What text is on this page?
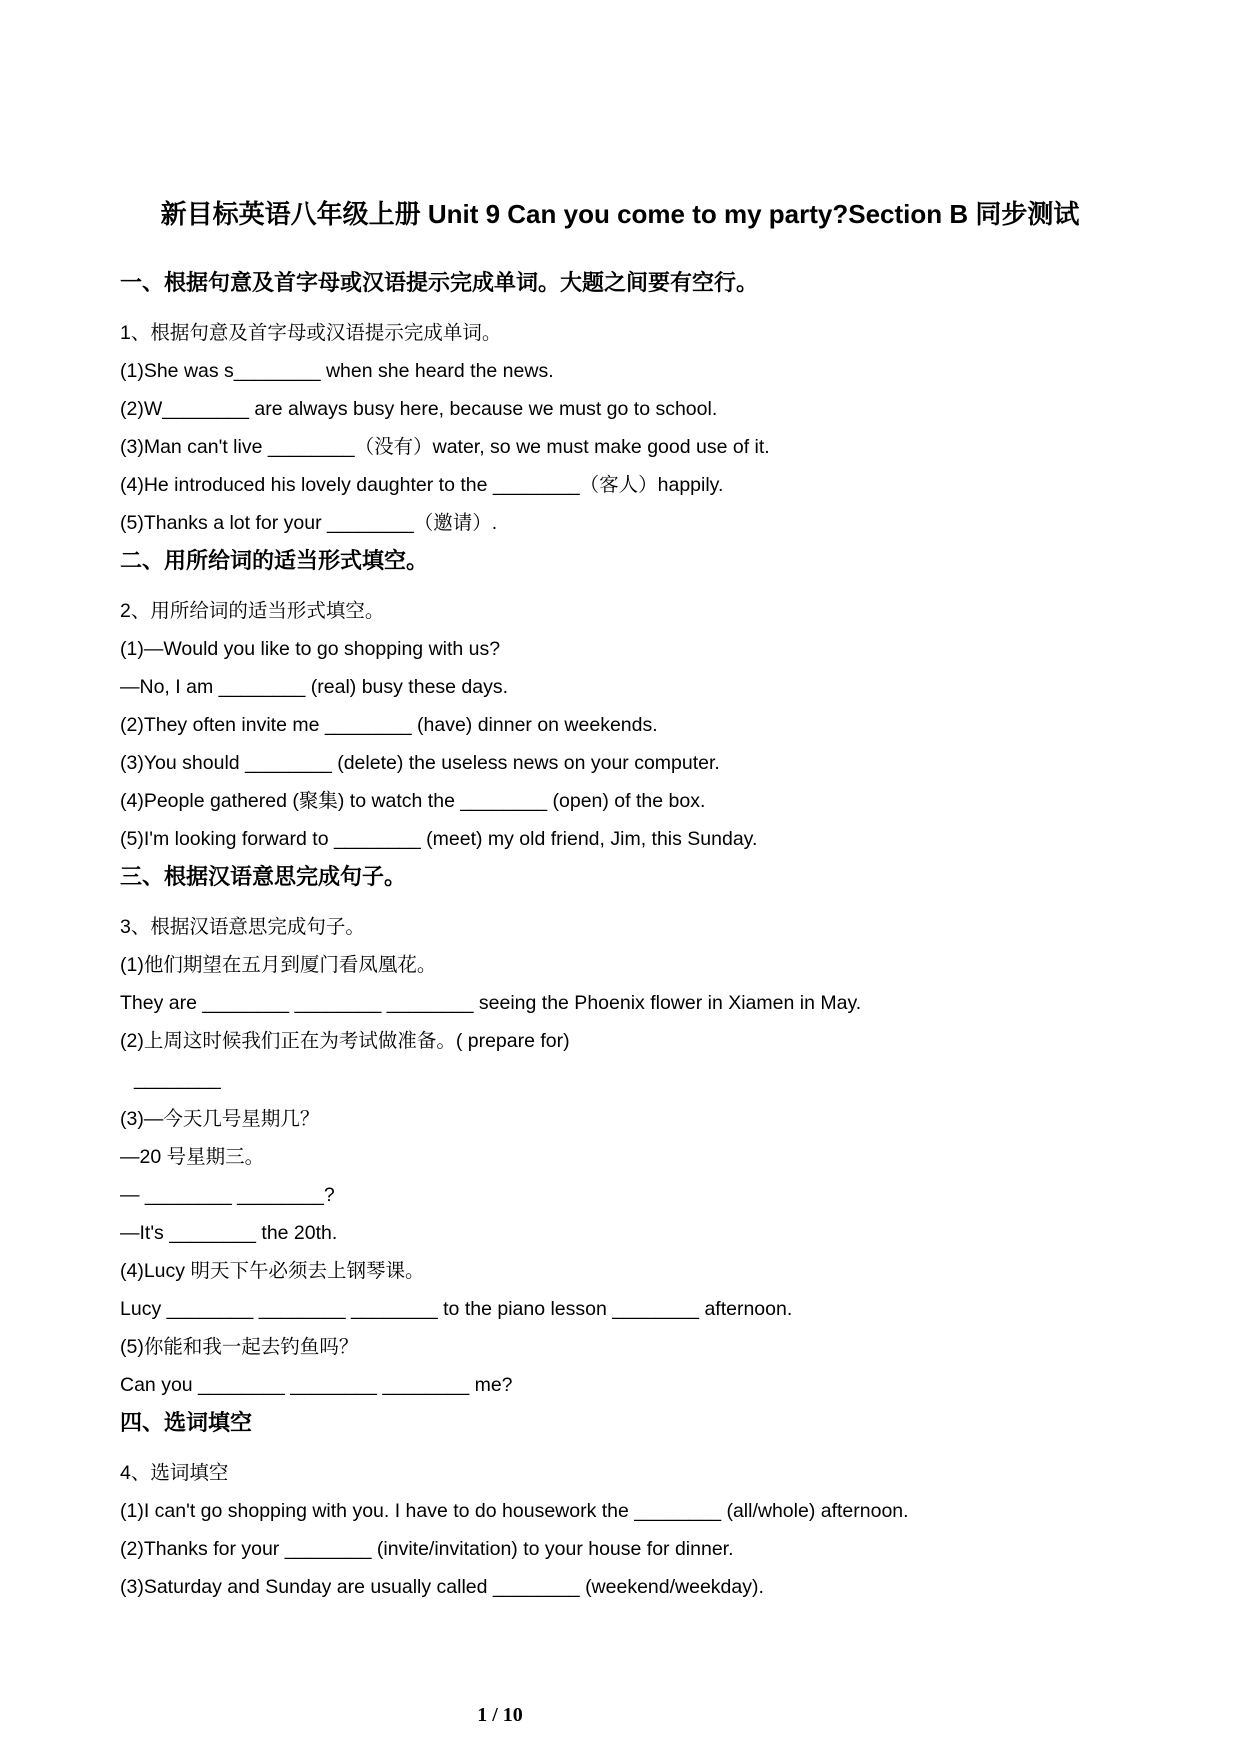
新目标英语八年级上册 Unit 9 Can you come to my party?Section B 同步测试
一、根据句意及首字母或汉语提示完成单词。大题之间要有空行。
1、根据句意及首字母或汉语提示完成单词。
(1)She was s________ when she heard the news.
(2)W________ are always busy here, because we must go to school.
(3)Man can't live ________（没有）water, so we must make good use of it.
(4)He introduced his lovely daughter to the ________（客人）happily.
(5)Thanks a lot for your ________（邀请）.
二、用所给词的适当形式填空。
2、用所给词的适当形式填空。
(1)—Would you like to go shopping with us?
—No, I am ________ (real) busy these days.
(2)They often invite me ________ (have) dinner on weekends.
(3)You should ________ (delete) the useless news on your computer.
(4)People gathered (聚集) to watch the ________ (open) of the box.
(5)I'm looking forward to ________ (meet) my old friend, Jim, this Sunday.
三、根据汉语意思完成句子。
3、根据汉语意思完成句子。
(1)他们期望在五月到厦门看凤凰花。
They are ________ ________ ________ seeing the Phoenix flower in Xiamen in May.
(2)上周这时候我们正在为考试做准备。( prepare for)
________
(3)—今天几号星期几？
—20 号星期三。
— ________ ________?
—It's ________ the 20th.
(4)Lucy 明天下午必须去上钢琴课。
Lucy ________ ________ ________ to the piano lesson ________ afternoon.
(5)你能和我一起去钓鱼吗？
Can you ________ ________ ________ me?
四、选词填空
4、选词填空
(1)I can't go shopping with you. I have to do housework the ________ (all/whole) afternoon.
(2)Thanks for your ________ (invite/invitation) to your house for dinner.
(3)Saturday and Sunday are usually called ________ (weekend/weekday).
1 / 10
